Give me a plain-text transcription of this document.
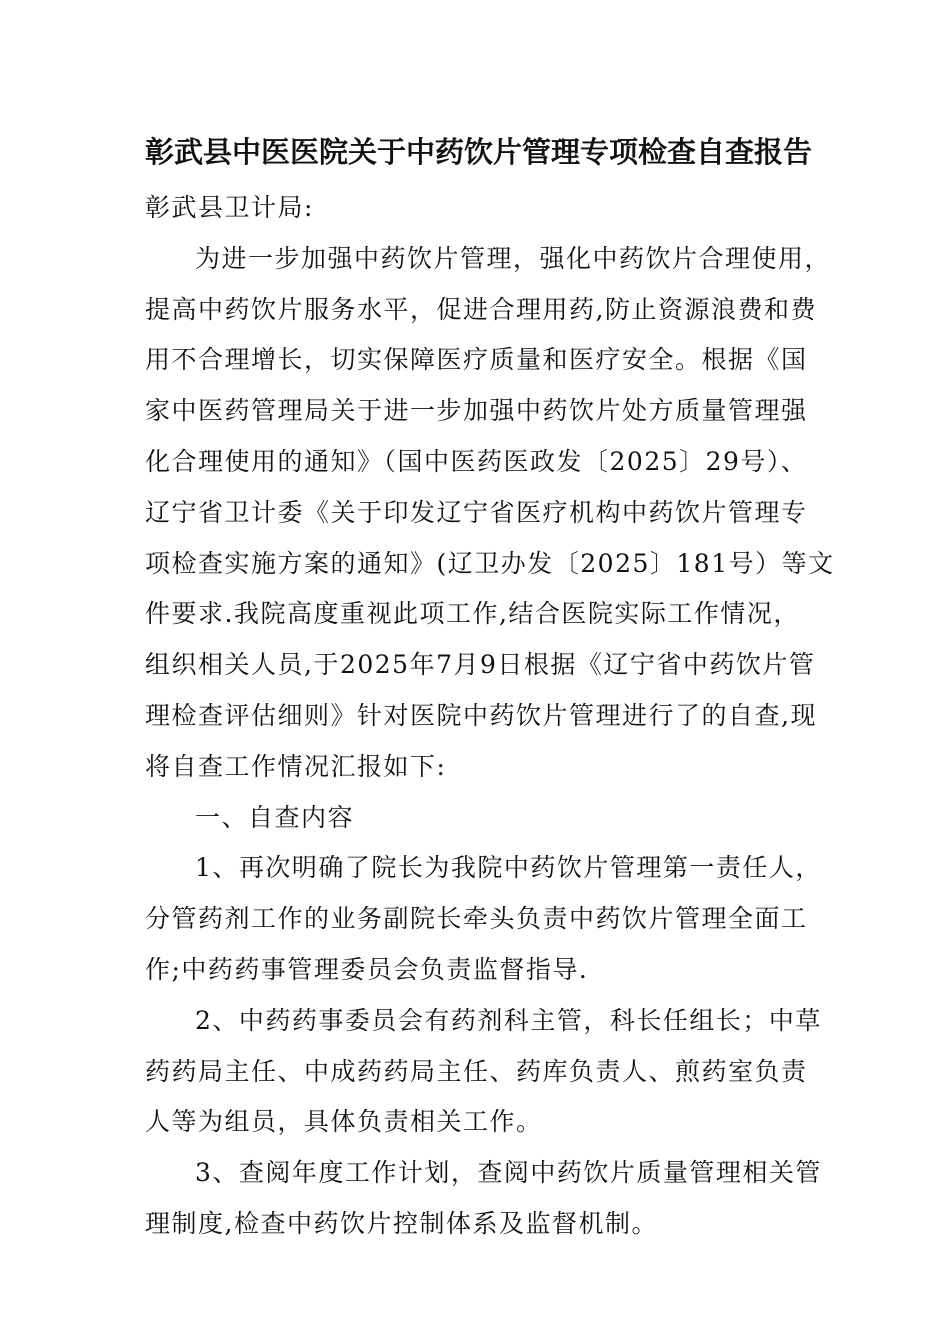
彰武县中医医院关于中药饮片管理专项检查自查报告
彰武县卫计局:
为进一步加强中药饮片管理，强化中药饮片合理使用，
提高中药饮片服务水平，促进合理用药,防止资源浪费和费
用不合理增长，切实保障医疗质量和医疗安全。根据《国
家中医药管理局关于进一步加强中药饮片处方质量管理强
化合理使用的通知》（国中医药医政发〔2025〕29号）、
辽宁省卫计委《关于印发辽宁省医疗机构中药饮片管理专
项检查实施方案的通知》(辽卫办发〔2025〕181号）等文
件要求.我院高度重视此项工作,结合医院实际工作情况，
组织相关人员,于2025年7月9日根据《辽宁省中药饮片管
理检查评估细则》针对医院中药饮片管理进行了的自查,现
将自查工作情况汇报如下:
一、自查内容
1、再次明确了院长为我院中药饮片管理第一责任人，
分管药剂工作的业务副院长牵头负责中药饮片管理全面工
作;中药药事管理委员会负责监督指导.
2、中药药事委员会有药剂科主管，科长任组长；中草
药药局主任、中成药药局主任、药库负责人、煎药室负责
人等为组员，具体负责相关工作。
3、查阅年度工作计划，查阅中药饮片质量管理相关管
理制度,检查中药饮片控制体系及监督机制。
